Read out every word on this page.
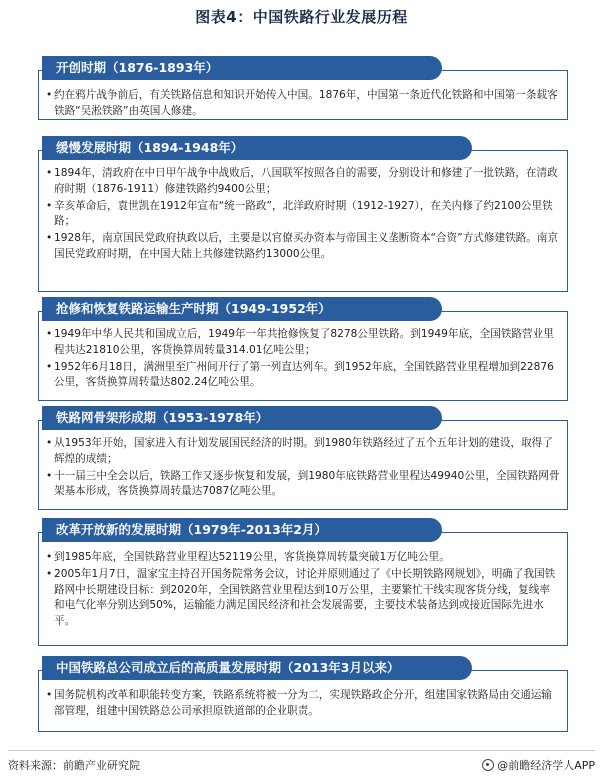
图表4：中国铁路行业发展历程
开创时期（1876-1893年）
• 约在鸦片战争前后，有关铁路信息和知识开始传入中国。1876年，中国第一条近代化铁路和中国第一条载客铁路“吴淞铁路”由英国人修建。
缓慢发展时期（1894-1948年）
• 1894年，清政府在中日甲午战争中战败后，八国联军按照各自的需要，分别设计和修建了一批铁路，在清政府时期（1876-1911）修建铁路约9400公里；
• 辛亥革命后，袁世凯在1912年宣布“统一路政”，北洋政府时期（1912-1927），在关内修了约2100公里铁路；
• 1928年，南京国民党政府执政以后，主要是以官僚买办资本与帝国主义垄断资本“合资”方式修建铁路。南京国民党政府时期，在中国大陆上共修建铁路约13000公里。
抢修和恢复铁路运输生产时期（1949-1952年）
• 1949年中华人民共和国成立后，1949年一年共抢修恢复了8278公里铁路。到1949年底，全国铁路营业里程共达21810公里，客货换算周转量314.01亿吨公里；
• 1952年6月18日，满洲里至广州间开行了第一列直达列车。到1952年底，全国铁路营业里程增加到22876公里，客货换算周转量达802.24亿吨公里。
铁路网骨架形成期（1953-1978年）
• 从1953年开始，国家进入有计划发展国民经济的时期。到1980年铁路经过了五个五年计划的建设，取得了辉煌的成绩；
• 十一届三中全会以后，铁路工作又逐步恢复和发展，到1980年底铁路营业里程达49940公里，全国铁路网骨架基本形成，客货换算周转量达7087亿吨公里。
改革开放新的发展时期（1979年-2013年2月）
• 到1985年底，全国铁路营业里程达52119公里，客货换算周转量突破1万亿吨公里。
• 2005年1月7日，温家宝主持召开国务院常务会议，讨论并原则通过了《中长期铁路网规划》，明确了我国铁路网中长期建设目标：到2020年，全国铁路营业里程达到10万公里，主要繁忙干线实现客货分线，复线率和电气化率分别达到50%，运输能力满足国民经济和社会发展需要，主要技术装备达到或接近国际先进水平。
中国铁路总公司成立后的高质量发展时期（2013年3月以来）
• 国务院机构改革和职能转变方案，铁路系统将被一分为二，实现铁路政企分开，组建国家铁路局由交通运输部管理，组建中国铁路总公司承担原铁道部的企业职责。
资料来源：前瞻产业研究院	@前瞻经济学人APP
